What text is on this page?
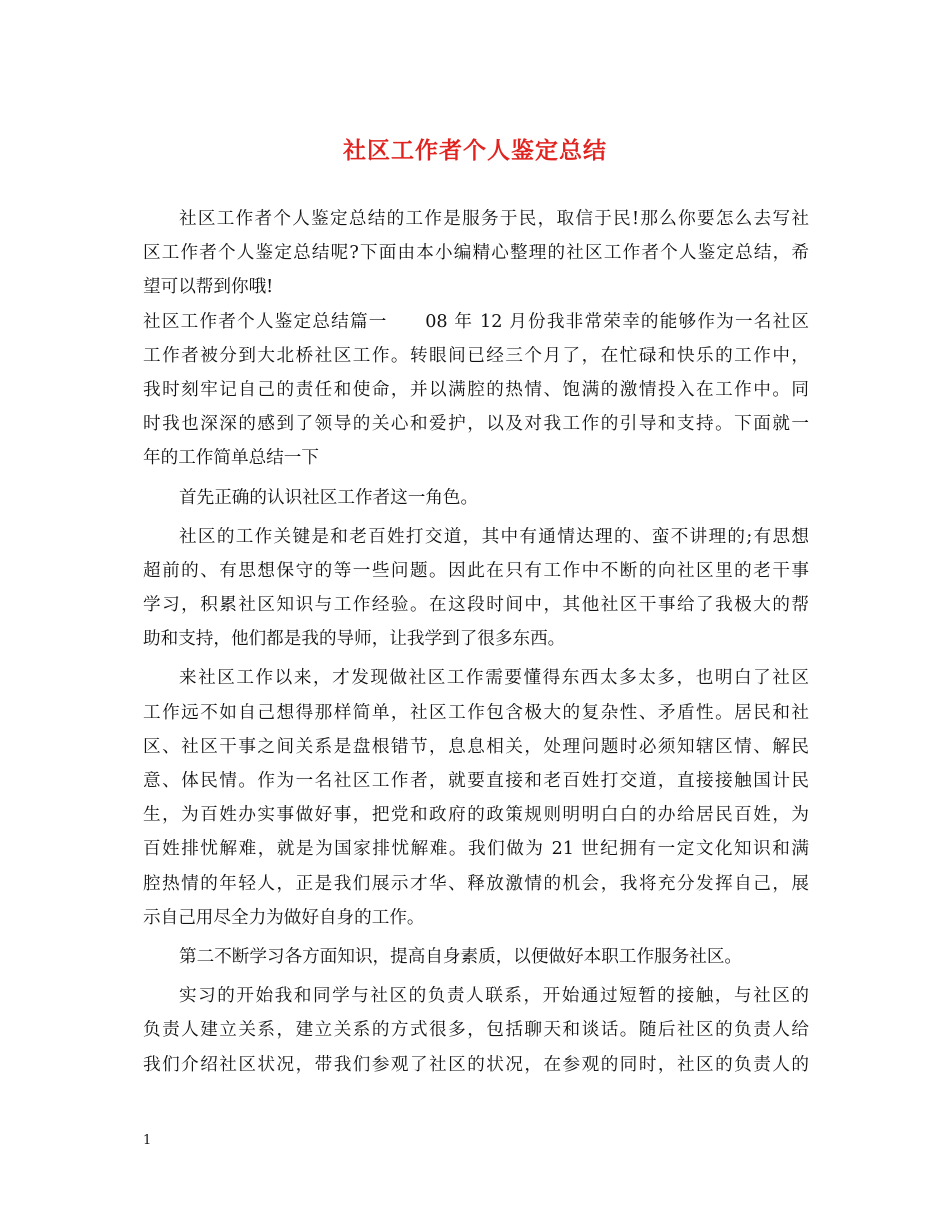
社区工作者个人鉴定总结
社区工作者个人鉴定总结的工作是服务于民，取信于民!那么你要怎么去写社
区工作者个人鉴定总结呢?下面由本小编精心整理的社区工作者个人鉴定总结，希
望可以帮到你哦!
社区工作者个人鉴定总结篇一　　08 年 12 月份我非常荣幸的能够作为一名社区
工作者被分到大北桥社区工作。转眼间已经三个月了，在忙碌和快乐的工作中，
我时刻牢记自己的责任和使命，并以满腔的热情、饱满的激情投入在工作中。同
时我也深深的感到了领导的关心和爱护，以及对我工作的引导和支持。下面就一
年的工作简单总结一下
首先正确的认识社区工作者这一角色。
社区的工作关键是和老百姓打交道，其中有通情达理的、蛮不讲理的;有思想
超前的、有思想保守的等一些问题。因此在只有工作中不断的向社区里的老干事
学习，积累社区知识与工作经验。在这段时间中，其他社区干事给了我极大的帮
助和支持，他们都是我的导师，让我学到了很多东西。
来社区工作以来，才发现做社区工作需要懂得东西太多太多，也明白了社区
工作远不如自己想得那样简单，社区工作包含极大的复杂性、矛盾性。居民和社
区、社区干事之间关系是盘根错节，息息相关，处理问题时必须知辖区情、解民
意、体民情。作为一名社区工作者，就要直接和老百姓打交道，直接接触国计民
生，为百姓办实事做好事，把党和政府的政策规则明明白白的办给居民百姓，为
百姓排忧解难，就是为国家排忧解难。我们做为 21 世纪拥有一定文化知识和满
腔热情的年轻人，正是我们展示才华、释放激情的机会，我将充分发挥自己，展
示自己用尽全力为做好自身的工作。
第二不断学习各方面知识，提高自身素质，以便做好本职工作服务社区。
实习的开始我和同学与社区的负责人联系，开始通过短暂的接触，与社区的
负责人建立关系，建立关系的方式很多，包括聊天和谈话。随后社区的负责人给
我们介绍社区状况，带我们参观了社区的状况，在参观的同时，社区的负责人的
1
